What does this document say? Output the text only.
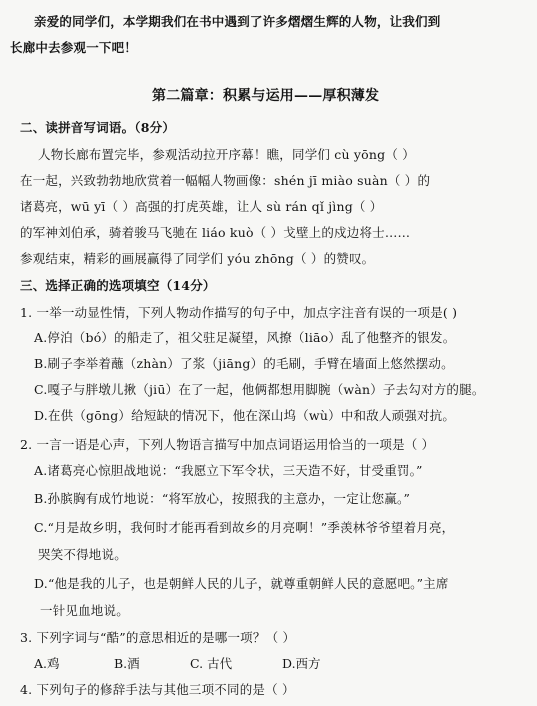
亲爱的同学们，本学期我们在书中遇到了许多熠熠生辉的人物，让我们到
长廊中去参观一下吧！
第二篇章：积累与运用——厚积薄发
二、读拼音写词语。（8分）
人物长廊布置完毕，参观活动拉开序幕！瞧，同学们 cù yōng（ ）
在一起，兴致勃勃地欣赏着一幅幅人物画像：shén jī miào suàn（ ）的
诸葛亮，wū yī（ ）高强的打虎英雄，让人 sù rán qǐ jìng（ ）
的军神刘伯承，骑着骏马飞驰在 liáo kuò（ ）戈壁上的戍边将士……
参观结束，精彩的画展赢得了同学们 yóu zhōng（ ）的赞叹。
三、选择正确的选项填空（14分）
1. 一举一动显性情，下列人物动作描写的句子中，加点字注音有误的一项是( )
A.停泊（bó）的船走了，祖父驻足凝望，风撩（liāo）乱了他整齐的银发。
B.刷子李举着蘸（zhàn）了浆（jiāng）的毛刷，手臂在墙面上悠然摆动。
C.嘎子与胖墩儿揪（jiū）在了一起，他俩都想用脚腕（wàn）子去勾对方的腿。
D.在供（gōng）给短缺的情况下，他在深山坞（wù）中和敌人顽强对抗。
2. 一言一语是心声，下列人物语言描写中加点词语运用恰当的一项是（ ）
A.诸葛亮心惊胆战地说：“我愿立下军令状，三天造不好，甘受重罚。”
B.孙膑胸有成竹地说：“将军放心，按照我的主意办，一定让您赢。”
C.“月是故乡明，我何时才能再看到故乡的月亮啊！”季羡林爷爷望着月亮，
哭笑不得地说。
D.“他是我的儿子，也是朝鲜人民的儿子，就尊重朝鲜人民的意愿吧。”主席
一针见血地说。
3. 下列字词与“酷”的意思相近的是哪一项？（ ）
A.鸡	B.酒	C. 古代	D.西方
4. 下列句子的修辞手法与其他三项不同的是（ ）
